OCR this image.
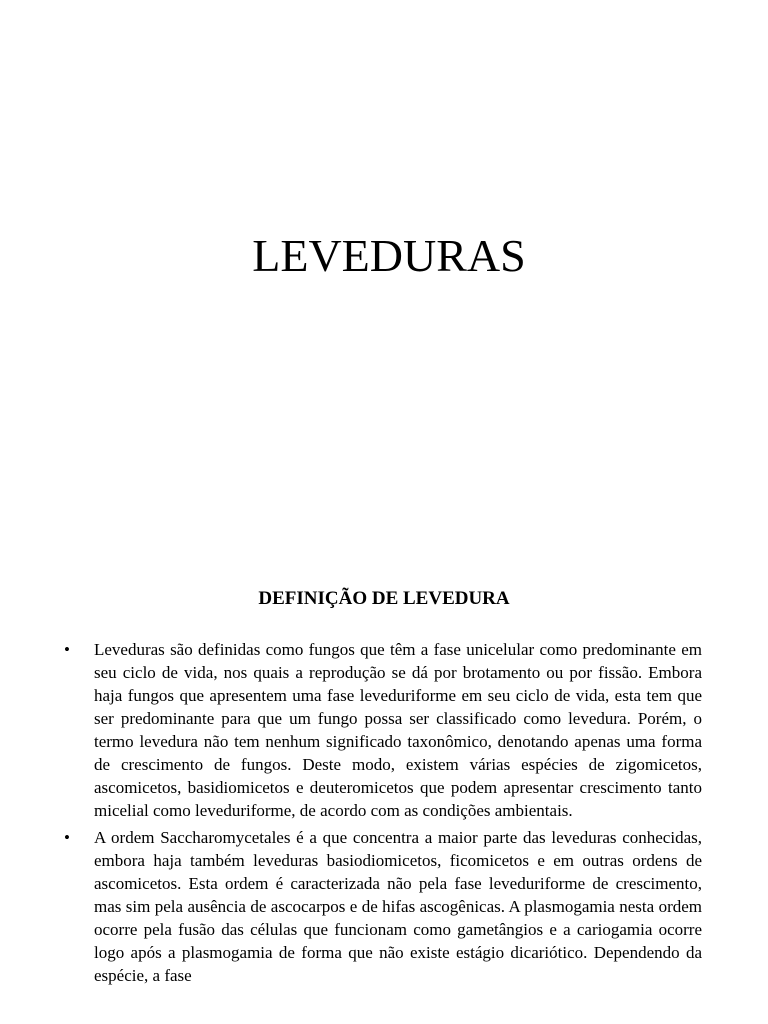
LEVEDURAS
DEFINIÇÃO DE LEVEDURA
• Leveduras são definidas como fungos que têm a fase unicelular como predominante em seu ciclo de vida, nos quais a reprodução se dá por brotamento ou por fissão. Embora haja fungos que apresentem uma fase leveduriforme em seu ciclo de vida, esta tem que ser predominante para que um fungo possa ser classificado como levedura. Porém, o termo levedura não tem nenhum significado taxonômico, denotando apenas uma forma de crescimento de fungos. Deste modo, existem várias espécies de zigomicetos, ascomicetos, basidiomicetos e deuteromicetos que podem apresentar crescimento tanto micelial como leveduriforme, de acordo com as condições ambientais.
• A ordem Saccharomycetales é a que concentra a maior parte das leveduras conhecidas, embora haja também leveduras basiodiomicetos, ficomicetos e em outras ordens de ascomicetos. Esta ordem é caracterizada não pela fase leveduriforme de crescimento, mas sim pela ausência de ascocarpos e de hifas ascogênicas. A plasmogamia nesta ordem ocorre pela fusão das células que funcionam como gametângios e a cariogamia ocorre logo após a plasmogamia de forma que não existe estágio dicariótico. Dependendo da espécie, a fase
